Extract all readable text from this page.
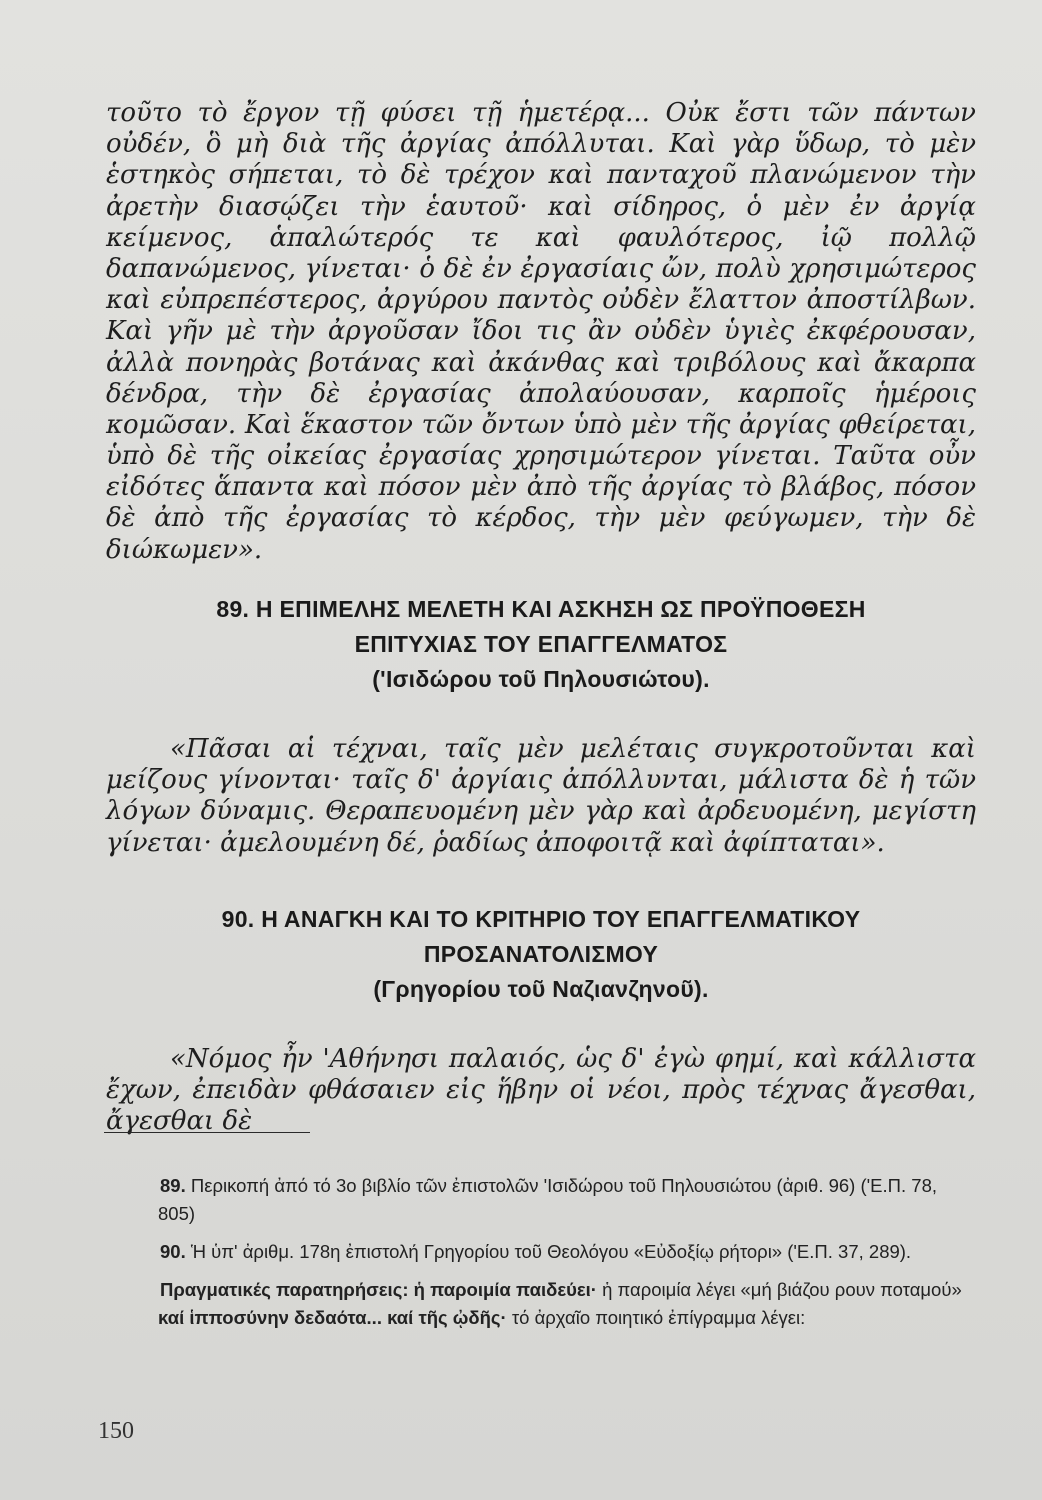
τοῦτο τὸ ἔργον τῇ φύσει τῇ ἡμετέρᾳ... Οὐκ ἔστι τῶν πάντων οὐδέν, ὃ μὴ διὰ τῆς ἀργίας ἀπόλλυται. Καὶ γὰρ ὕδωρ, τὸ μὲν ἑστηκὸς σήπεται, τὸ δὲ τρέχον καὶ πανταχοῦ πλανώμενον τὴν ἀρετὴν διασῴζει τὴν ἑαυτοῦ· καὶ σίδηρος, ὁ μὲν ἐν ἀργίᾳ κείμενος, ἁπαλώτερός τε καὶ φαυλότερος, ἰῷ πολλῷ δαπανώμενος, γίνεται· ὁ δὲ ἐν ἐργασίαις ὤν, πολὺ χρησιμώτερος καὶ εὐπρεπέστερος, ἀργύρου παντὸς οὐδὲν ἔλαττον ἀποστίλβων. Καὶ γῆν μὲ τὴν ἀργοῦσαν ἴδοι τις ἂν οὐδὲν ὑγιὲς ἐκφέρουσαν, ἀλλὰ πονηρὰς βοτάνας καὶ ἀκάνθας καὶ τριβόλους καὶ ἄκαρπα δένδρα, τὴν δὲ ἐργασίας ἀπολαύουσαν, καρποῖς ἡμέροις κομῶσαν. Καὶ ἕκαστον τῶν ὄντων ὑπὸ μὲν τῆς ἀργίας φθείρεται, ὑπὸ δὲ τῆς οἰκείας ἐργασίας χρησιμώτερον γίνεται. Ταῦτα οὖν εἰδότες ἅπαντα καὶ πόσον μὲν ἀπὸ τῆς ἀργίας τὸ βλάβος, πόσον δὲ ἀπὸ τῆς ἐργασίας τὸ κέρδος, τὴν μὲν φεύγωμεν, τὴν δὲ διώκωμεν».

89. Η ΕΠΙΜΕΛΗΣ ΜΕΛΕΤΗ ΚΑΙ ΑΣΚΗΣΗ ΩΣ ΠΡΟΫΠΟΘΕΣΗ
ΕΠΙΤΥΧΙΑΣ ΤΟΥ ΕΠΑΓΓΕΛΜΑΤΟΣ
('Ισιδώρου τοῦ Πηλουσιώτου).

«Πᾶσαι αἱ τέχναι, ταῖς μὲν μελέταις συγκροτοῦνται καὶ μείζους γίνονται· ταῖς δ' ἀργίαις ἀπόλλυνται, μάλιστα δὲ ἡ τῶν λόγων δύναμις. Θεραπευομένη μὲν γὰρ καὶ ἀρδευομένη, μεγίστη γίνεται· ἀμελουμένη δέ, ῥαδίως ἀποφοιτᾷ καὶ ἀφίπταται».

90. Η ΑΝΑΓΚΗ ΚΑΙ ΤΟ ΚΡΙΤΗΡΙΟ ΤΟΥ ΕΠΑΓΓΕΛΜΑΤΙΚΟΥ
ΠΡΟΣΑΝΑΤΟΛΙΣΜΟΥ
(Γρηγορίου τοῦ Ναζιανζηνοῦ).

«Νόμος ἦν 'Αθήνησι παλαιός, ὡς δ' ἐγὼ φημί, καὶ κάλλιστα ἔχων, ἐπειδὰν φθάσαιεν εἰς ἥβην οἱ νέοι, πρὸς τέχνας ἄγεσθαι, ἄγεσθαι δὲ

89. Περικοπή ἀπό τό 3ο βιβλίο τῶν ἐπιστολῶν 'Ισιδώρου τοῦ Πηλουσιώτου (ἀριθ. 96) ('Ε.Π. 78, 805)

90. Ἡ ὑπ' ἀριθμ. 178η ἐπιστολή Γρηγορίου τοῦ Θεολόγου «Εὐδοξίῳ ρήτορι» ('Ε.Π. 37, 289).

Πραγματικές παρατηρήσεις: ἡ παροιμία παιδεύει· ἡ παροιμία λέγει «μή βιάζου ρουν ποταμού» καί ἱπποσύνην δεδαότα... καί τῆς ᾠδῆς· τό ἀρχαῖο ποιητικό ἐπίγραμμα λέγει:

150
